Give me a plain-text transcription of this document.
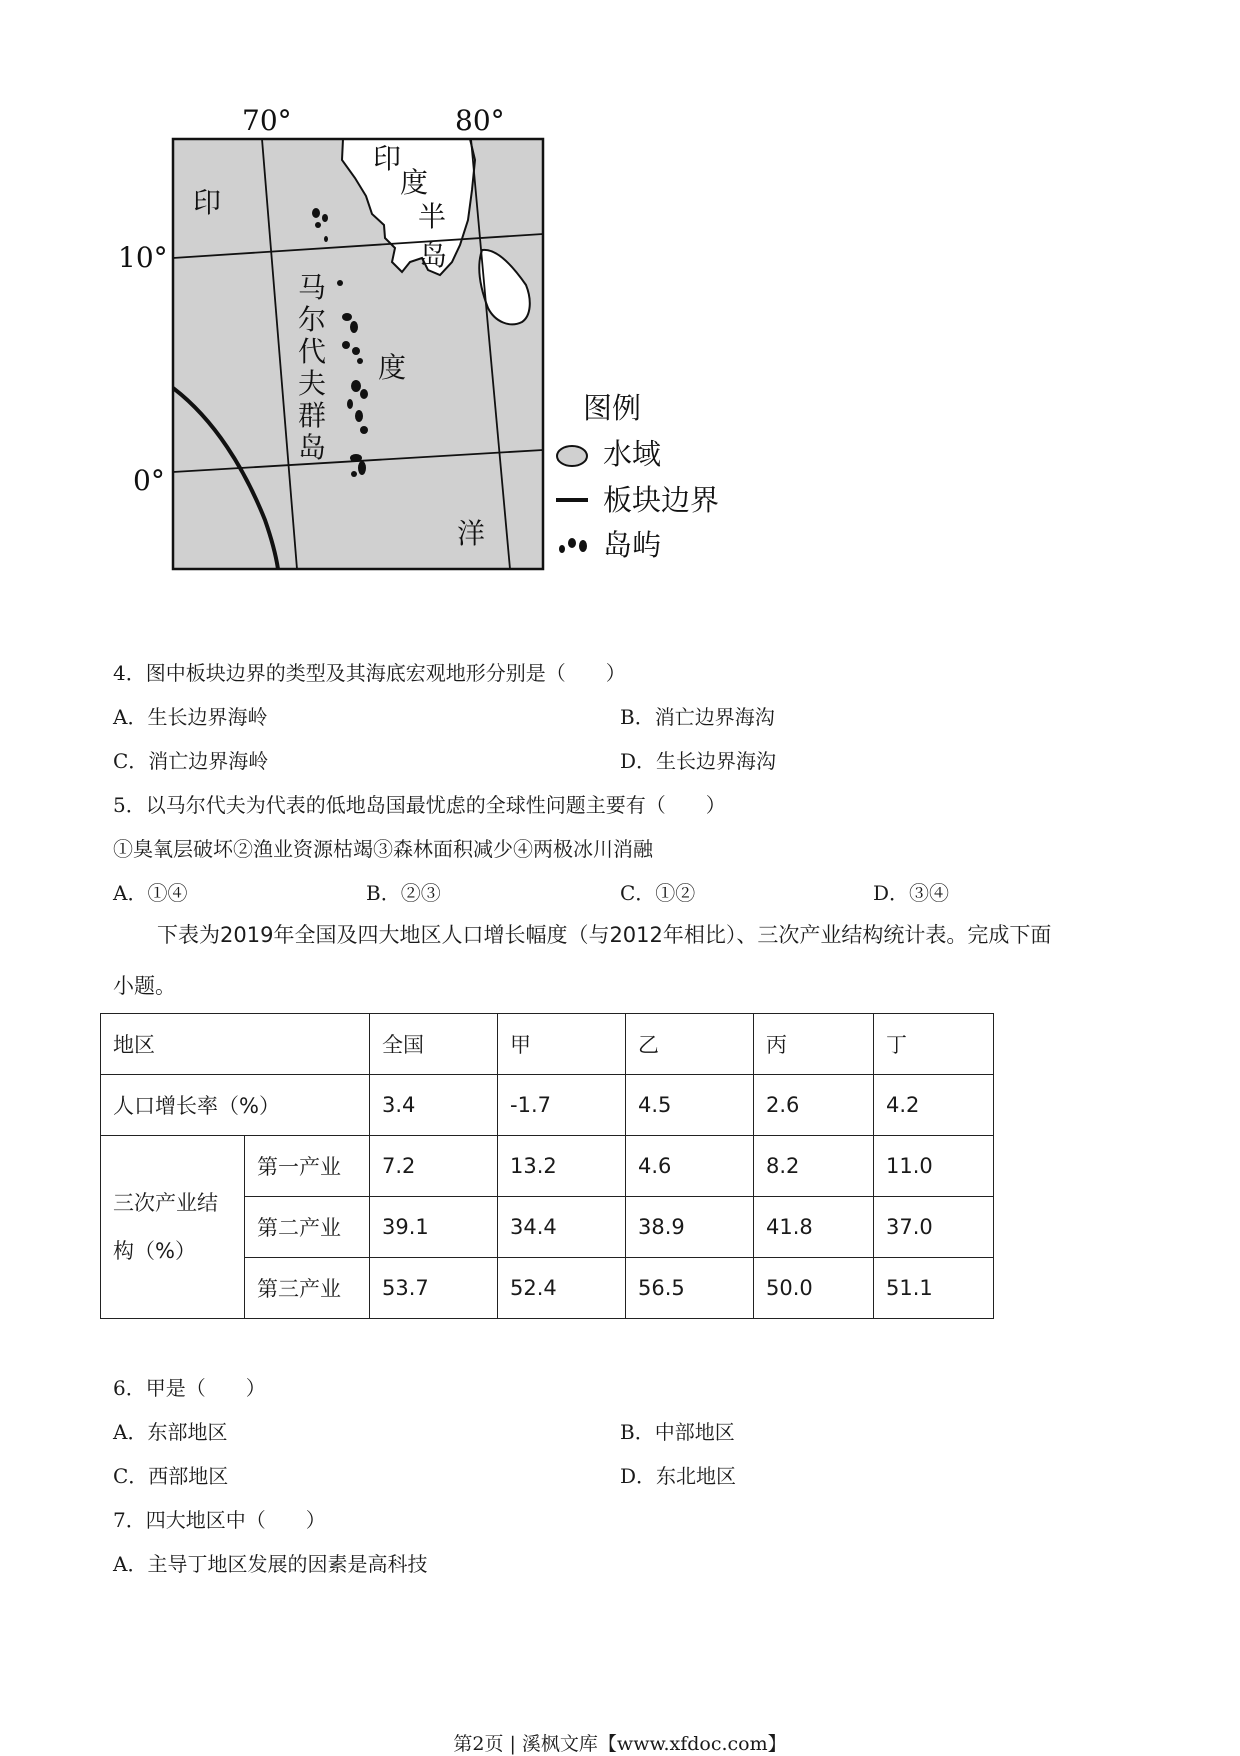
70°	80°
10°
0°
印
度
洋
印
度
半
岛
马
尔
代
夫
群
岛
图例
水域
板块边界
岛屿
4．图中板块边界的类型及其海底宏观地形分别是（　　）
A．生长边界海岭	B．消亡边界海沟
C．消亡边界海岭	D．生长边界海沟
5．以马尔代夫为代表的低地岛国最忧虑的全球性问题主要有（　　）
①臭氧层破坏②渔业资源枯竭③森林面积减少④两极冰川消融
A．①④	B．②③	C．①②	D．③④
下表为2019年全国及四大地区人口增长幅度（与2012年相比）、三次产业结构统计表。完成下面
小题。
地区		全国	甲	乙	丙	丁
人口增长率（%）		3.4	-1.7	4.5	2.6	4.2
三次产业结
构（%）	第一产业	7.2	13.2	4.6	8.2	11.0
	第二产业	39.1	34.4	38.9	41.8	37.0
	第三产业	53.7	52.4	56.5	50.0	51.1
6．甲是（　　）
A．东部地区	B．中部地区
C．西部地区	D．东北地区
7．四大地区中（　　）
A．主导丁地区发展的因素是高科技
第2页 | 溪枫文库【www.xfdoc.com】
